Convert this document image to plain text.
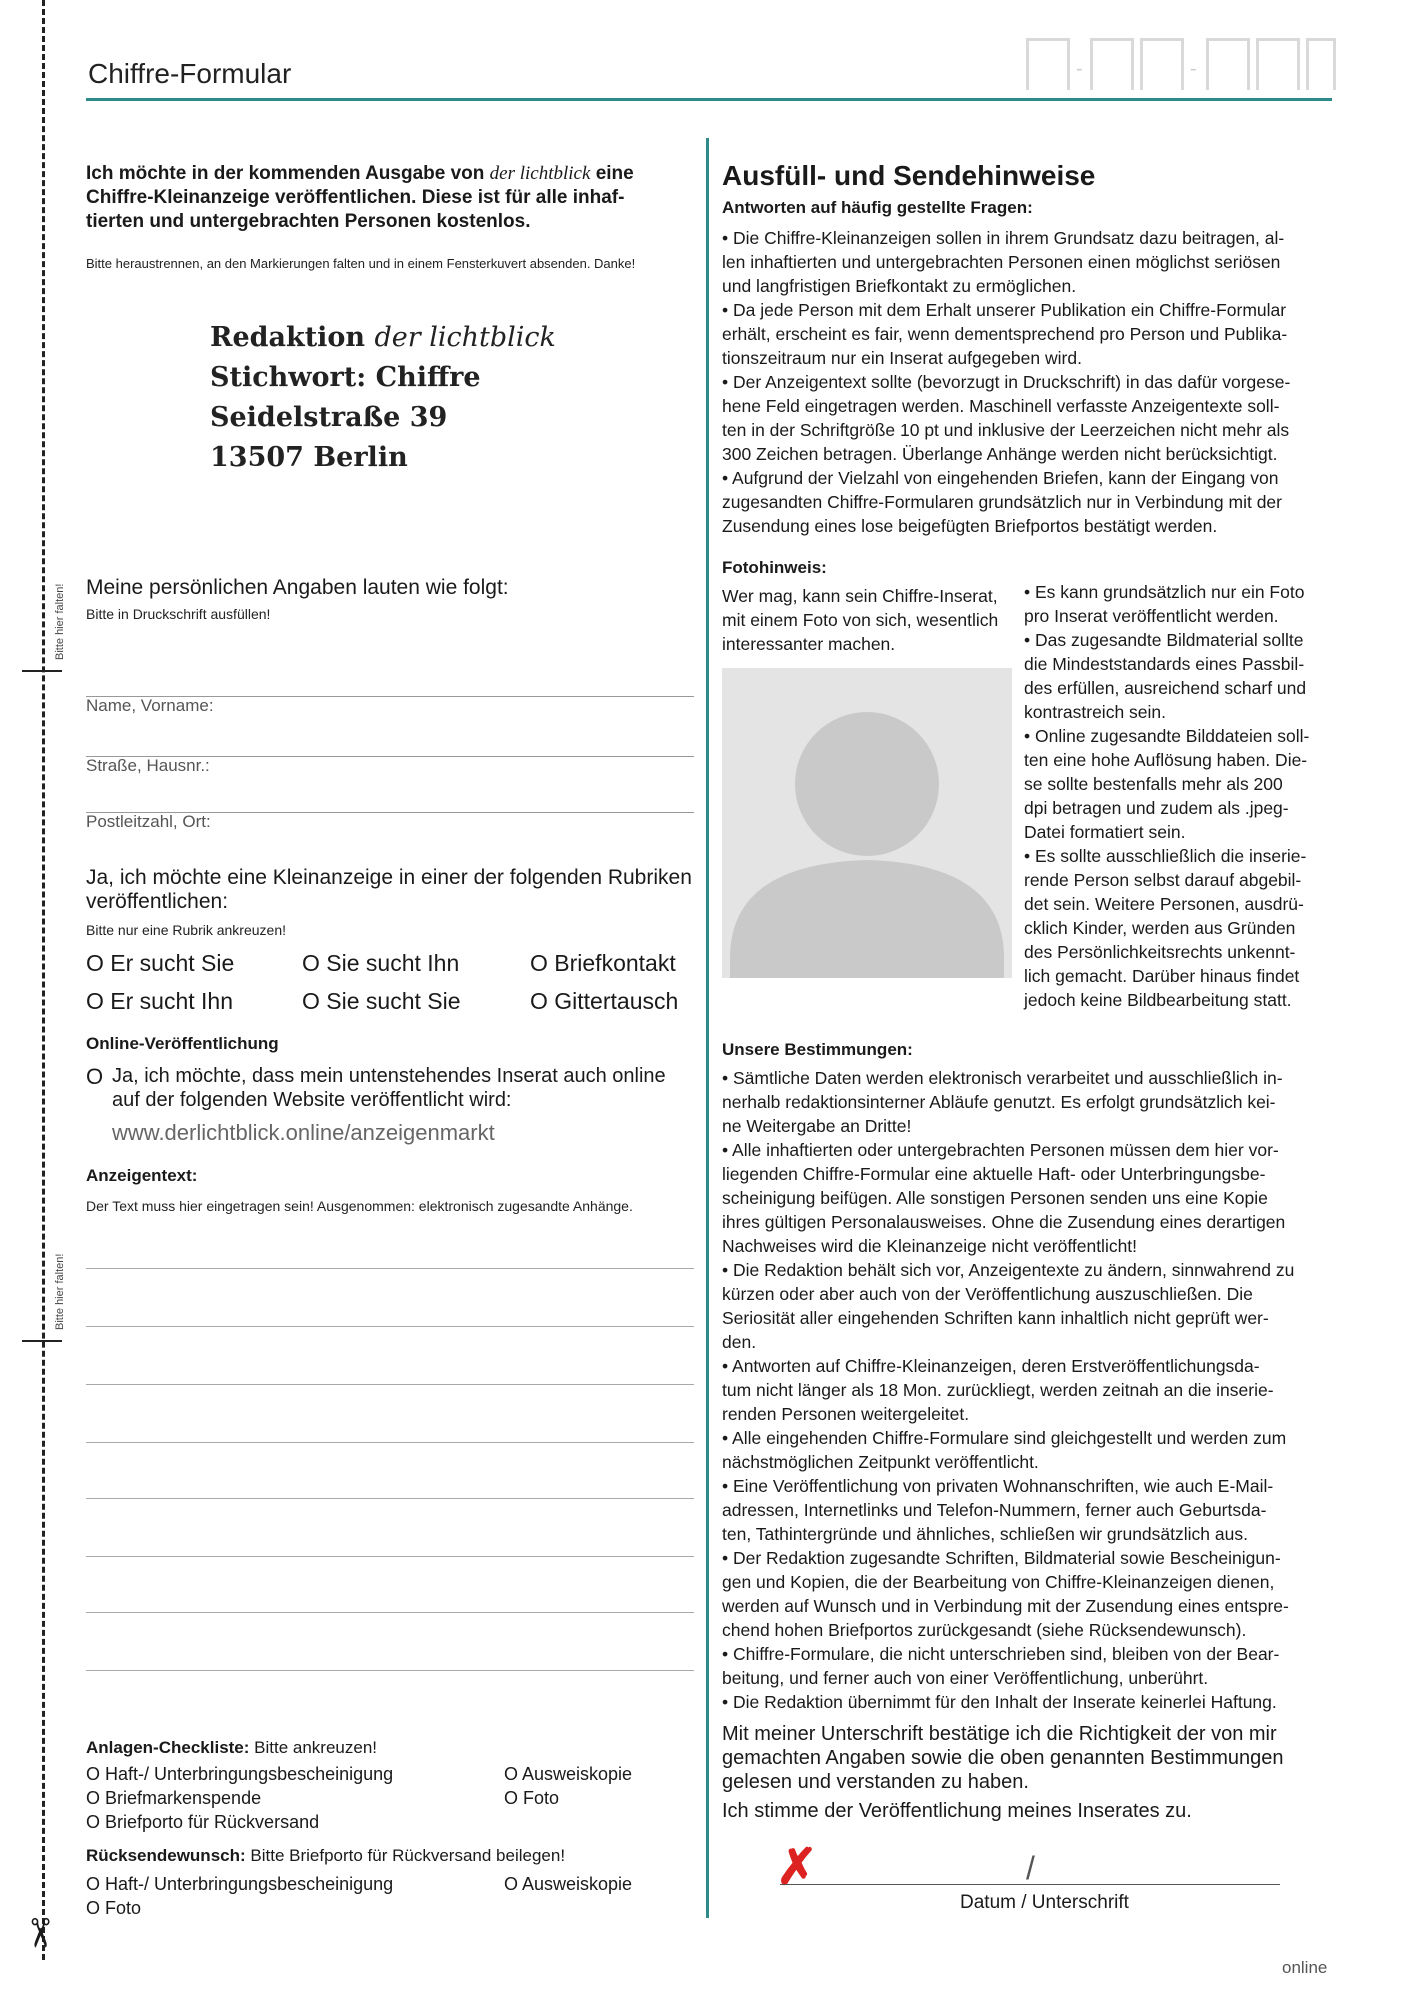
Bitte hier falten!
Bitte hier falten!
✂
Chiffre-Formular	-	-
Ich möchte in der kommenden Ausgabe von der lichtblick eine
Chiffre-Kleinanzeige veröffentlichen. Diese ist für alle inhaf-
tierten und untergebrachten Personen kostenlos.
Bitte heraustrennen, an den Markierungen falten und in einem Fensterkuvert absenden. Danke!
Redaktion der lichtblick
Stichwort: Chiffre
Seidelstraße 39
13507 Berlin
Meine persönlichen Angaben lauten wie folgt:
Bitte in Druckschrift ausfüllen!
Name, Vorname:
Straße, Hausnr.:
Postleitzahl, Ort:
Ja, ich möchte eine Kleinanzeige in einer der folgenden Rubriken
veröffentlichen:
Bitte nur eine Rubrik ankreuzen!
O Er sucht Sie	O Sie sucht Ihn	O Briefkontakt
O Er sucht Ihn	O Sie sucht Sie	O Gittertausch
Online-Veröffentlichung
O Ja, ich möchte, dass mein untenstehendes Inserat auch online
auf der folgenden Website veröffentlicht wird:
www.derlichtblick.online/anzeigenmarkt
Anzeigentext:
Der Text muss hier eingetragen sein! Ausgenommen: elektronisch zugesandte Anhänge.
Anlagen-Checkliste: Bitte ankreuzen!
O Haft-/ Unterbringungsbescheinigung	O Ausweiskopie
O Briefmarkenspende	O Foto
O Briefporto für Rückversand
Rücksendewunsch: Bitte Briefporto für Rückversand beilegen!
O Haft-/ Unterbringungsbescheinigung	O Ausweiskopie
O Foto
Ausfüll- und Sendehinweise
Antworten auf häufig gestellte Fragen:
• Die Chiffre-Kleinanzeigen sollen in ihrem Grundsatz dazu beitragen, al-
len inhaftierten und untergebrachten Personen einen möglichst seriösen
und langfristigen Briefkontakt zu ermöglichen.
• Da jede Person mit dem Erhalt unserer Publikation ein Chiffre-Formular
erhält, erscheint es fair, wenn dementsprechend pro Person und Publika-
tionszeitraum nur ein Inserat aufgegeben wird.
• Der Anzeigentext sollte (bevorzugt in Druckschrift) in das dafür vorgese-
hene Feld eingetragen werden. Maschinell verfasste Anzeigentexte soll-
ten in der Schriftgröße 10 pt und inklusive der Leerzeichen nicht mehr als
300 Zeichen betragen. Überlange Anhänge werden nicht berücksichtigt.
• Aufgrund der Vielzahl von eingehenden Briefen, kann der Eingang von
zugesandten Chiffre-Formularen grundsätzlich nur in Verbindung mit der
Zusendung eines lose beigefügten Briefportos bestätigt werden.
Fotohinweis:
Wer mag, kann sein Chiffre-Inserat,
mit einem Foto von sich, wesentlich
interessanter machen.
• Es kann grundsätzlich nur ein Foto
pro Inserat veröffentlicht werden.
• Das zugesandte Bildmaterial sollte
die Mindeststandards eines Passbil-
des erfüllen, ausreichend scharf und
kontrastreich sein.
• Online zugesandte Bilddateien soll-
ten eine hohe Auflösung haben. Die-
se sollte bestenfalls mehr als 200
dpi betragen und zudem als .jpeg-
Datei formatiert sein.
• Es sollte ausschließlich die inserie-
rende Person selbst darauf abgebil-
det sein. Weitere Personen, ausdrü-
cklich Kinder, werden aus Gründen
des Persönlichkeitsrechts unkennt-
lich gemacht. Darüber hinaus findet
jedoch keine Bildbearbeitung statt.
Unsere Bestimmungen:
• Sämtliche Daten werden elektronisch verarbeitet und ausschließlich in-
nerhalb redaktionsinterner Abläufe genutzt. Es erfolgt grundsätzlich kei-
ne Weitergabe an Dritte!
• Alle inhaftierten oder untergebrachten Personen müssen dem hier vor-
liegenden Chiffre-Formular eine aktuelle Haft- oder Unterbringungsbe-
scheinigung beifügen. Alle sonstigen Personen senden uns eine Kopie
ihres gültigen Personalausweises. Ohne die Zusendung eines derartigen
Nachweises wird die Kleinanzeige nicht veröffentlicht!
• Die Redaktion behält sich vor, Anzeigentexte zu ändern, sinnwahrend zu
kürzen oder aber auch von der Veröffentlichung auszuschließen. Die
Seriosität aller eingehenden Schriften kann inhaltlich nicht geprüft wer-
den.
• Antworten auf Chiffre-Kleinanzeigen, deren Erstveröffentlichungsda-
tum nicht länger als 18 Mon. zurückliegt, werden zeitnah an die inserie-
renden Personen weitergeleitet.
• Alle eingehenden Chiffre-Formulare sind gleichgestellt und werden zum
nächstmöglichen Zeitpunkt veröffentlicht.
• Eine Veröffentlichung von privaten Wohnanschriften, wie auch E-Mail-
adressen, Internetlinks und Telefon-Nummern, ferner auch Geburtsda-
ten, Tathintergründe und ähnliches, schließen wir grundsätzlich aus.
• Der Redaktion zugesandte Schriften, Bildmaterial sowie Bescheinigun-
gen und Kopien, die der Bearbeitung von Chiffre-Kleinanzeigen dienen,
werden auf Wunsch und in Verbindung mit der Zusendung eines entspre-
chend hohen Briefportos zurückgesandt (siehe Rücksendewunsch).
• Chiffre-Formulare, die nicht unterschrieben sind, bleiben von der Bear-
beitung, und ferner auch von einer Veröffentlichung, unberührt.
• Die Redaktion übernimmt für den Inhalt der Inserate keinerlei Haftung.
Mit meiner Unterschrift bestätige ich die Richtigkeit der von mir
gemachten Angaben sowie die oben genannten Bestimmungen
gelesen und verstanden zu haben.
Ich stimme der Veröffentlichung meines Inserates zu.
✗	/
Datum / Unterschrift
online
